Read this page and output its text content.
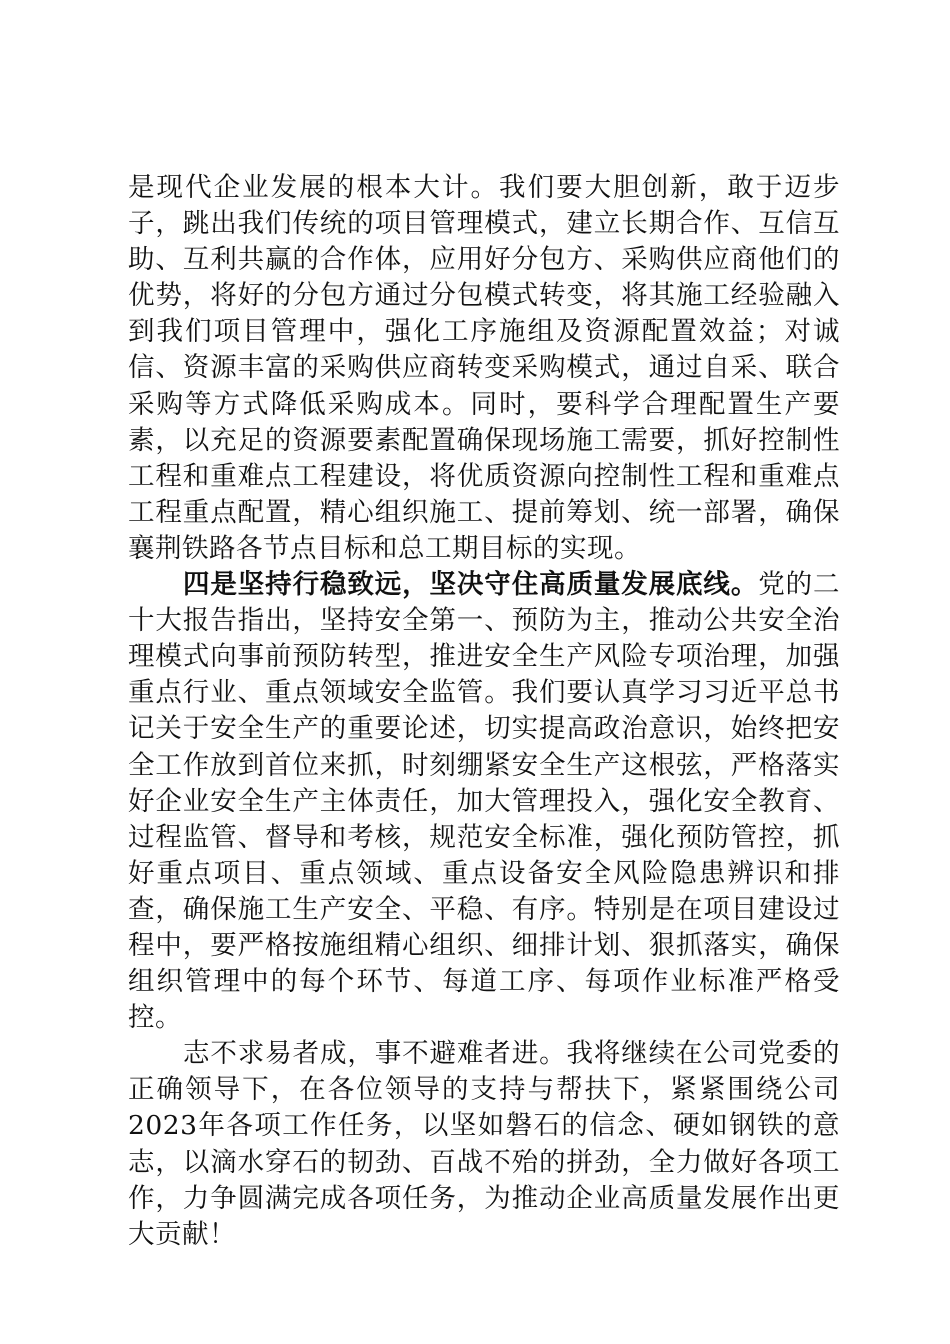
是现代企业发展的根本大计。我们要大胆创新，敢于迈步子，跳出我们传统的项目管理模式，建立长期合作、互信互助、互利共赢的合作体，应用好分包方、采购供应商他们的优势，将好的分包方通过分包模式转变，将其施工经验融入到我们项目管理中，强化工序施组及资源配置效益；对诚信、资源丰富的采购供应商转变采购模式，通过自采、联合采购等方式降低采购成本。同时，要科学合理配置生产要素，以充足的资源要素配置确保现场施工需要，抓好控制性工程和重难点工程建设，将优质资源向控制性工程和重难点工程重点配置，精心组织施工、提前筹划、统一部署，确保襄荆铁路各节点目标和总工期目标的实现。

四是坚持行稳致远，坚决守住高质量发展底线。党的二十大报告指出，坚持安全第一、预防为主，推动公共安全治理模式向事前预防转型，推进安全生产风险专项治理，加强重点行业、重点领域安全监管。我们要认真学习习近平总书记关于安全生产的重要论述，切实提高政治意识，始终把安全工作放到首位来抓，时刻绷紧安全生产这根弦，严格落实好企业安全生产主体责任，加大管理投入，强化安全教育、过程监管、督导和考核，规范安全标准，强化预防管控，抓好重点项目、重点领域、重点设备安全风险隐患辨识和排查，确保施工生产安全、平稳、有序。特别是在项目建设过程中，要严格按施组精心组织、细排计划、狠抓落实，确保组织管理中的每个环节、每道工序、每项作业标准严格受控。

志不求易者成，事不避难者进。我将继续在公司党委的正确领导下，在各位领导的支持与帮扶下，紧紧围绕公司2023年各项工作任务，以坚如磐石的信念、硬如钢铁的意志，以滴水穿石的韧劲、百战不殆的拼劲，全力做好各项工作，力争圆满完成各项任务，为推动企业高质量发展作出更大贡献！
